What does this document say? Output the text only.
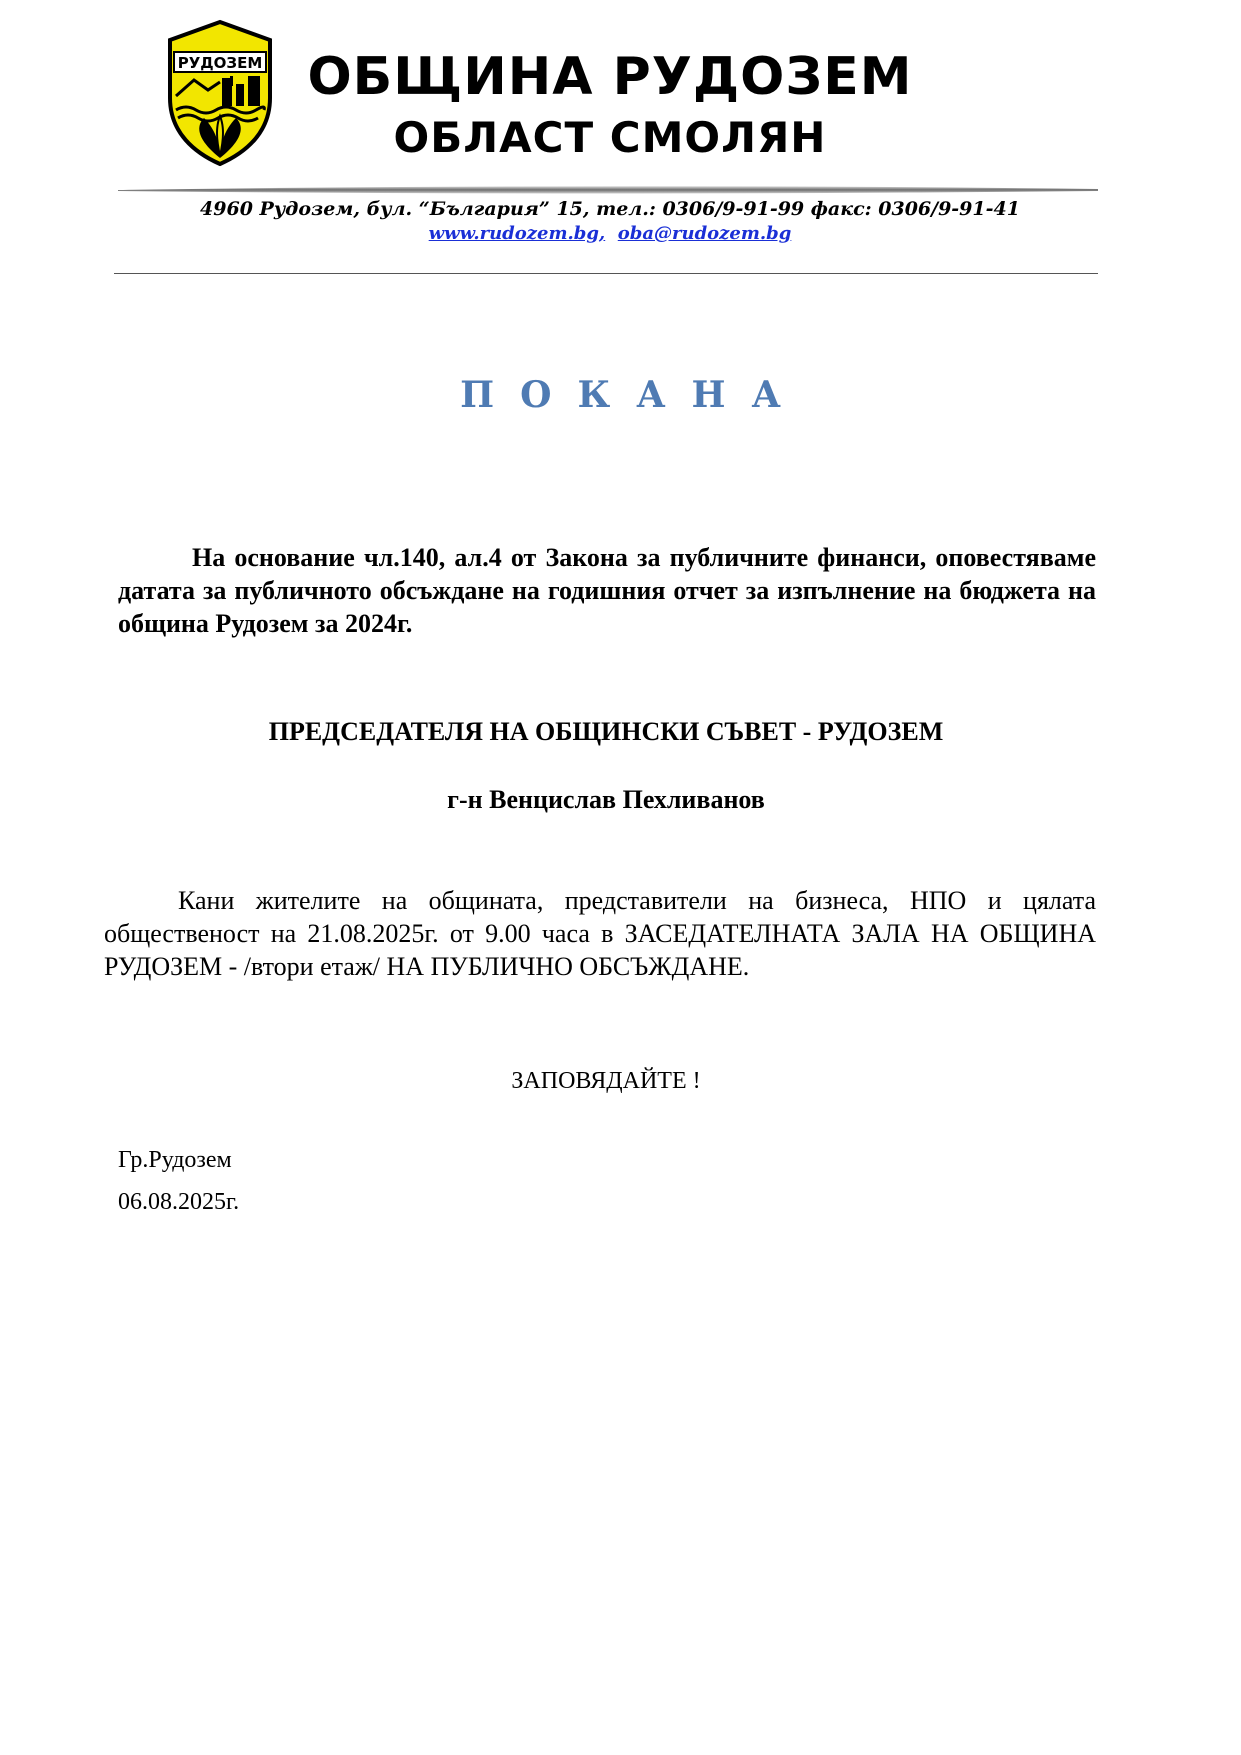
РУДОЗЕМ ОБЩИНА РУДОЗЕМ
ОБЛАСТ СМОЛЯН
4960 Рудозем, бул. “България” 15, тел.: 0306/9-91-99 факс: 0306/9-91-41
www.rudozem.bg, oba@rudozem.bg
ПОКАНА
На основание чл.140, ал.4 от Закона за публичните финанси, оповестяваме датата за публичното обсъждане на годишния отчет за изпълнение на бюджета на община Рудозем за 2024г.
ПРЕДСЕДАТЕЛЯ НА ОБЩИНСКИ СЪВЕТ - РУДОЗЕМ
г-н Венцислав Пехливанов
Кани жителите на общината, представители на бизнеса, НПО и цялата общественост на 21.08.2025г. от 9.00 часа в ЗАСЕДАТЕЛНАТА ЗАЛА НА ОБЩИНА РУДОЗЕМ - /втори етаж/ НА ПУБЛИЧНО ОБСЪЖДАНЕ.
ЗАПОВЯДАЙТЕ !
Гр.Рудозем
06.08.2025г.
